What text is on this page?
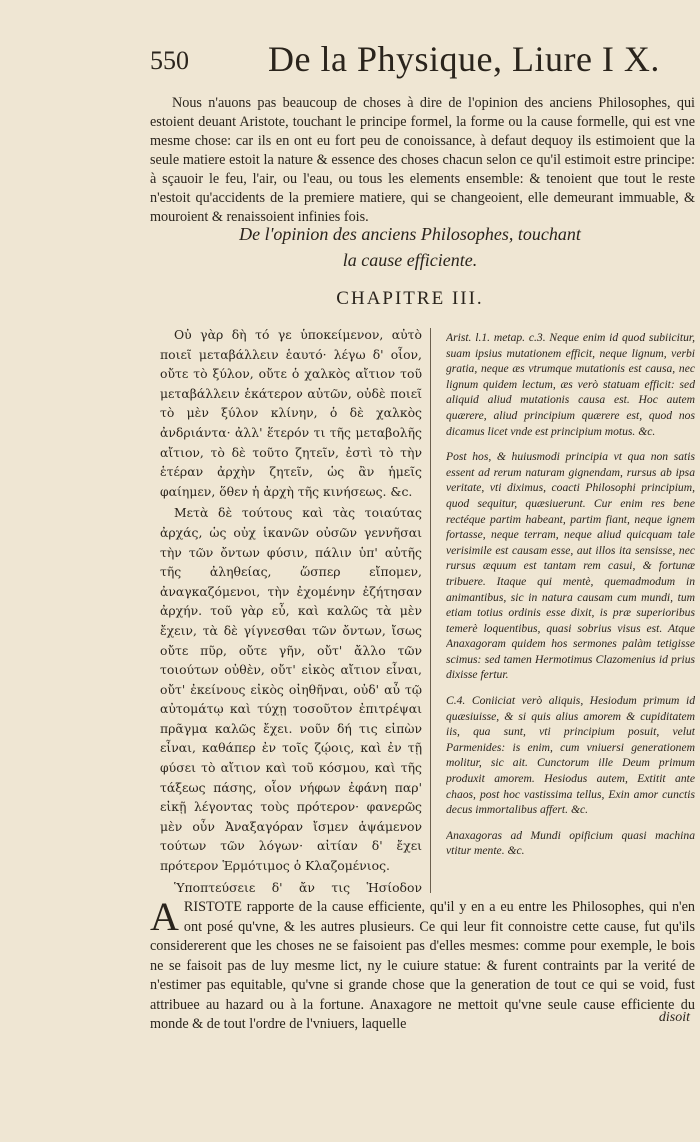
550 De la Physique, Liure I X.

Nous n'auons pas beaucoup de choses à dire de l'opinion des anciens Philosophes, qui estoient deuant Aristote, touchant le principe formel, la forme ou la cause formelle, qui est vne mesme chose: car ils en ont eu fort peu de conoissance, à defaut dequoy ils estimoient que la seule matiere estoit la nature & essence des choses chacun selon ce qu'il estimoit estre principe: à sçauoir le feu, l'air, ou l'eau, ou tous les elements ensemble: & tenoient que tout le reste n'estoit qu'accidents de la premiere matiere, qui se changeoient, elle demeurant immuable, & mouroient & renaissoient infinies fois.

De l'opinion des anciens Philosophes, touchant
la cause efficiente.
CHAPITRE III.

Οὐ γὰρ δὴ τό γε ὑποκείμενον, αὐτὸ ποιεῖ μεταβάλλειν ἑαυτό· λέγω δ' οἷον, οὔτε τὸ ξύλον, οὔτε ὁ χαλκὸς αἴτιον τοῦ μεταβάλλειν ἑκάτερον αὐτῶν, οὐδὲ ποιεῖ τὸ μὲν ξύλον κλίνην, ὁ δὲ χαλκὸς ἀνδριάντα· ἀλλ' ἕτερόν τι τῆς μεταβολῆς αἴτιον, τὸ δὲ τοῦτο ζητεῖν, ἐστὶ τὸ τὴν ἑτέραν ἀρχὴν ζητεῖν, ὡς ἂν ἡμεῖς φαίημεν, ὅθεν ἡ ἀρχὴ τῆς κινήσεως. &c.

Μετὰ δὲ τούτους καὶ τὰς τοιαύτας ἀρχάς, ὡς οὐχ ἱκανῶν οὐσῶν γεννῆσαι τὴν τῶν ὄντων φύσιν, πάλιν ὑπ' αὐτῆς τῆς ἀληθείας, ὥσπερ εἴπομεν, ἀναγκαζόμενοι, τὴν ἐχομένην ἐζήτησαν ἀρχήν. τοῦ γὰρ εὖ, καὶ καλῶς τὰ μὲν ἔχειν, τὰ δὲ γίγνεσθαι τῶν ὄντων, ἴσως οὔτε πῦρ, οὔτε γῆν, οὔτ' ἄλλο τῶν τοιούτων οὐθὲν, οὔτ' εἰκὸς αἴτιον εἶναι, οὔτ' ἐκείνους εἰκὸς οἰηθῆναι, οὐδ' αὖ τῷ αὐτομάτῳ καὶ τύχῃ τοσοῦτον ἐπιτρέψαι πρᾶγμα καλῶς ἔχει. νοῦν δή τις εἰπὼν εἶναι, καθάπερ ἐν τοῖς ζῴοις, καὶ ἐν τῇ φύσει τὸ αἴτιον καὶ τοῦ κόσμου, καὶ τῆς τάξεως πάσης, οἷον νήφων ἐφάνη παρ' εἰκῇ λέγοντας τοὺς πρότερον· φανερῶς μὲν οὖν Ἀναξαγόραν ἴσμεν ἁψάμενον τούτων τῶν λόγων· αἰτίαν δ' ἔχει πρότερον Ἑρμότιμος ὁ Κλαζομένιος.

Ὑποπτεύσειε δ' ἄν τις Ἡσίοδον

Arist. l.1. metap. c.3. Neque enim id quod subiicitur, suam ipsius mutationem efficit, neque lignum, verbi gratia, neque æs vtrumque mutationis est causa, nec lignum quidem lectum, æs verò statuam efficit: sed aliquid aliud mutationis causa est. Hoc autem quærere, aliud principium quærere est, quod nos dicamus licet vnde est principium motus. &c.

Post hos, & huiusmodi principia vt qua non satis essent ad rerum naturam gignendam, rursus ab ipsa veritate, vti diximus, coacti Philosophi principium, quod sequitur, quæsiuerunt. Cur enim res bene rectéque partim habeant, partim fiant, neque ignem fortasse, neque terram, neque aliud quicquam tale verisimile est causam esse, aut illos ita sensisse, nec rursus æquum est tantam rem casui, & fortunæ tribuere. Itaque qui mentè, quemadmodum in animantibus, sic in natura causam cum mundi, tum etiam totius ordinis esse dixit, is præ superioribus temerè loquentibus, quasi sobrius visus est. Atque Anaxagoram quidem hos sermones palàm tetigisse scimus: sed tamen Hermotimus Clazomenius id prius dixisse fertur.

C.4. Coniiciat verò aliquis, Hesiodum primum id quæsiuisse, & si quis alius amorem & cupiditatem iis, qua sunt, vti principium posuit, velut Parmenides: is enim, cum vniuersi generationem molitur, sic ait. Cunctorum ille Deum primum produxit amorem. Hesiodus autem, Extitit ante chaos, post hoc vastissima tellus, Exin amor cunctis decus immortalibus affert. &c.

Anaxagoras ad Mundi opificium quasi machina vtitur mente. &c.

A RISTOTE rapporte de la cause efficiente, qu'il y en a eu entre les Philosophes, qui n'en ont posé qu'vne, & les autres plusieurs. Ce qui leur fit connoistre cette cause, fut qu'ils considererent que les choses ne se faisoient pas d'elles mesmes: comme pour exemple, le bois ne se faisoit pas de luy mesme lict, ny le cuiure statue: & furent contraints par la verité de n'estimer pas equitable, qu'vne si grande chose que la generation de tout ce qui se void, fust attribuee au hazard ou à la fortune. Anaxagore ne mettoit qu'vne seule cause efficiente du monde & de tout l'ordre de l'vniuers, laquelle	disoit
